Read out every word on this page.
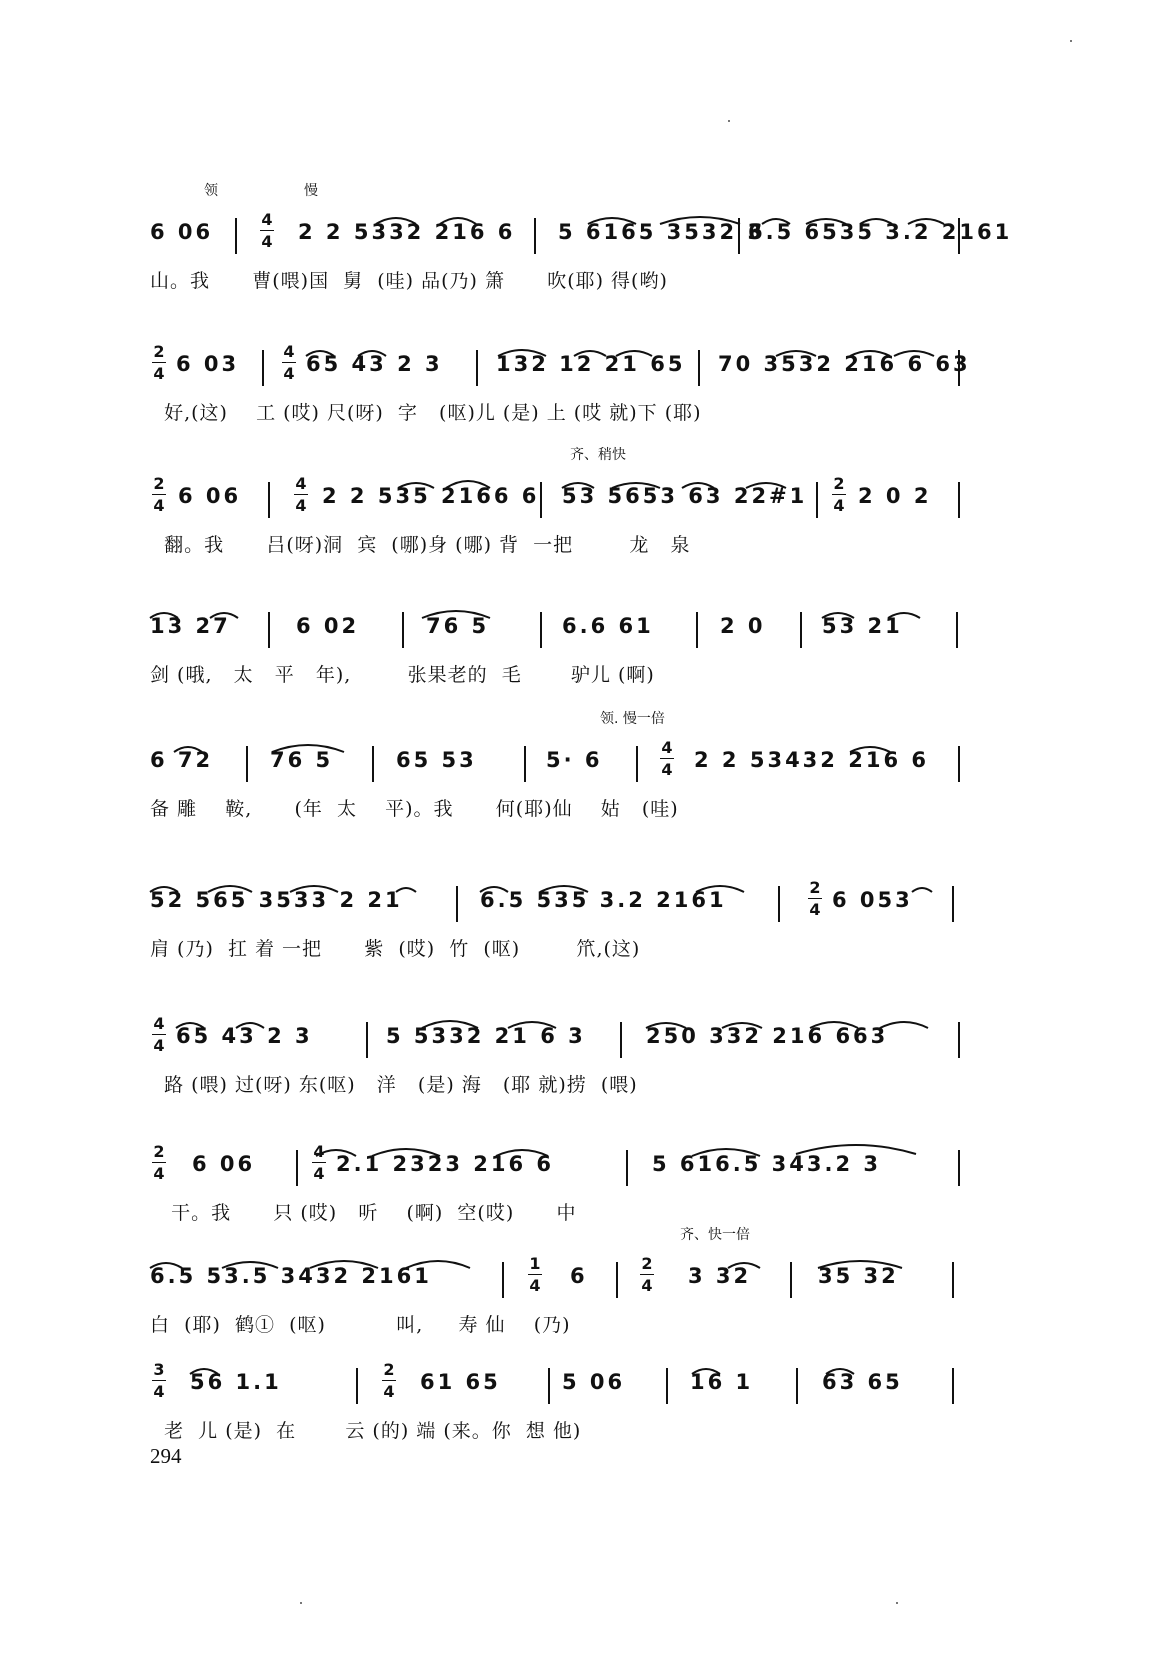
领	慢
6 06
4
4 2 2 5332 216 6 5 6165 3532 3
6.5 6535 3.2 2161
山。我      曹(喂)国  舅  (哇) 品(乃) 箫      吹(耶) 得(哟)
2
4 6 03
4
4 65 43 2 3	132 12 21 65 70 3532 216 6 63
好,(这)    工 (哎) 尺(呀)  字   (呕)儿 (是) 上 (哎 就)下 (耶)
齐、稍快
2
4 6 06
4
4 2 2 535 2166 6 53 5653 63 22#1
2
4 2 0 2
翻。我      吕(呀)洞  宾  (哪)身 (哪) 背  一把        龙   泉
13 27	6 02	76 5	6.6 61	2 0	53 21
剑 (哦,   太   平   年),        张果老的  毛       驴儿 (啊)
领. 慢一倍
6 72	76 5	65 53	5· 6
4
4 2 2 53432 216 6
备 雕    鞍,      (年  太    平)。我      何(耶)仙    姑   (哇)
52 565 3533 2 21	6.5 535 3.2 2161
2
4 6 053
肩 (乃)  扛 着 一把      紫  (哎)  竹  (呕)        笊,(这)
4
4 65 43 2 3	5 5332 21 6 3	250 332 216 663
路 (喂) 过(呀) 东(呕)   洋   (是) 海   (耶 就)捞  (喂)
2
4 6 06
4
4 2.1 2323 216 6	5 616.5 343.2 3
干。我      只 (哎)   听    (啊)  空(哎)      中
齐、快一倍
6.5 53.5 3432 2161
1
4 6
2
4 3 32	35 32
白  (耶)  鹤①  (呕)          叫,     寿 仙    (乃)
3
4 56 1.1
2
4 61 65	5 06	16 1	63 65
老  儿 (是)  在       云 (的) 端 (来。你  想 他)
294
